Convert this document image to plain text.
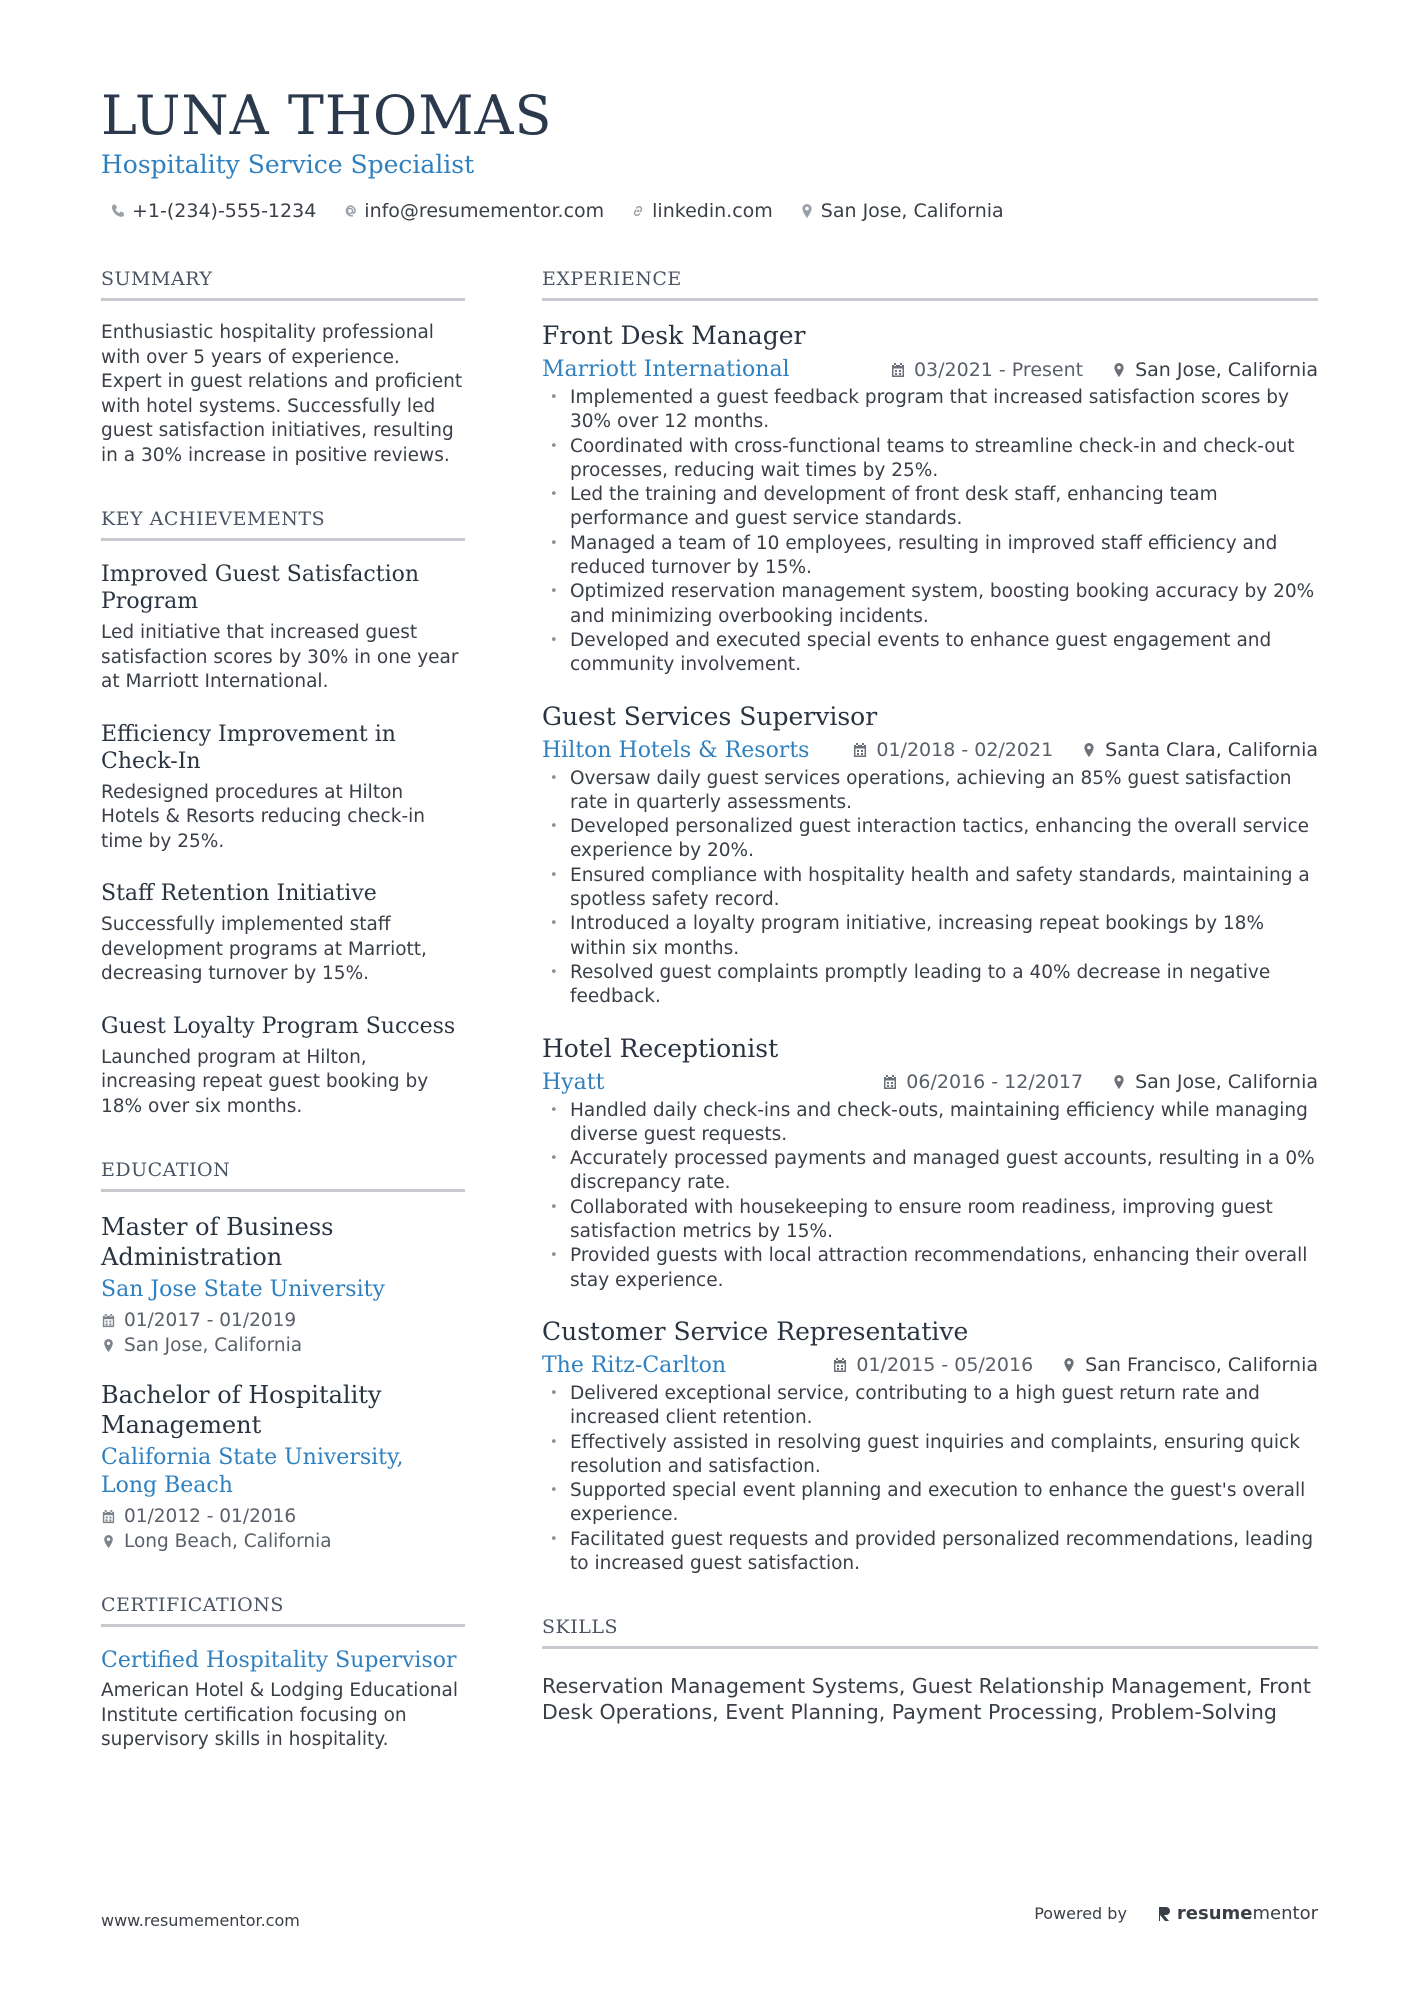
LUNA THOMAS
Hospitality Service Specialist
+1-(234)-555-1234	info@resumementor.com	linkedin.com	San Jose, California
SUMMARY

Enthusiastic hospitality professional with over 5 years of experience. Expert in guest relations and proficient with hotel systems. Successfully led guest satisfaction initiatives, resulting in a 30% increase in positive reviews.

KEY ACHIEVEMENTS
Improved Guest Satisfaction Program

Led initiative that increased guest satisfaction scores by 30% in one year at Marriott International.

Efficiency Improvement in Check-In

Redesigned procedures at Hilton Hotels & Resorts reducing check-in time by 25%.

Staff Retention Initiative

Successfully implemented staff development programs at Marriott, decreasing turnover by 15%.

Guest Loyalty Program Success

Launched program at Hilton, increasing repeat guest booking by 18% over six months.

EDUCATION
Master of Business Administration
San Jose State University
01/2017 - 01/2019
San Jose, California
Bachelor of Hospitality Management
California State University, Long Beach
01/2012 - 01/2016
Long Beach, California
CERTIFICATIONS
Certified Hospitality Supervisor

American Hotel & Lodging Educational Institute certification focusing on supervisory skills in hospitality.

EXPERIENCE
Front Desk Manager
Marriott International	03/2021 - Present	San Jose, California
• Implemented a guest feedback program that increased satisfaction scores by 30% over 12 months.
• Coordinated with cross-functional teams to streamline check-in and check-out processes, reducing wait times by 25%.
• Led the training and development of front desk staff, enhancing team performance and guest service standards.
• Managed a team of 10 employees, resulting in improved staff efficiency and reduced turnover by 15%.
• Optimized reservation management system, boosting booking accuracy by 20% and minimizing overbooking incidents.
• Developed and executed special events to enhance guest engagement and community involvement.
Guest Services Supervisor
Hilton Hotels & Resorts	01/2018 - 02/2021	Santa Clara, California
• Oversaw daily guest services operations, achieving an 85% guest satisfaction rate in quarterly assessments.
• Developed personalized guest interaction tactics, enhancing the overall service experience by 20%.
• Ensured compliance with hospitality health and safety standards, maintaining a spotless safety record.
• Introduced a loyalty program initiative, increasing repeat bookings by 18% within six months.
• Resolved guest complaints promptly leading to a 40% decrease in negative feedback.
Hotel Receptionist
Hyatt	06/2016 - 12/2017	San Jose, California
• Handled daily check-ins and check-outs, maintaining efficiency while managing diverse guest requests.
• Accurately processed payments and managed guest accounts, resulting in a 0% discrepancy rate.
• Collaborated with housekeeping to ensure room readiness, improving guest satisfaction metrics by 15%.
• Provided guests with local attraction recommendations, enhancing their overall stay experience.
Customer Service Representative
The Ritz-Carlton	01/2015 - 05/2016	San Francisco, California
• Delivered exceptional service, contributing to a high guest return rate and increased client retention.
• Effectively assisted in resolving guest inquiries and complaints, ensuring quick resolution and satisfaction.
• Supported special event planning and execution to enhance the guest's overall experience.
• Facilitated guest requests and provided personalized recommendations, leading to increased guest satisfaction.
SKILLS

Reservation Management Systems, Guest Relationship Management, Front Desk Operations, Event Planning, Payment Processing, Problem-Solving

www.resumementor.com	Powered by	resume mentor
